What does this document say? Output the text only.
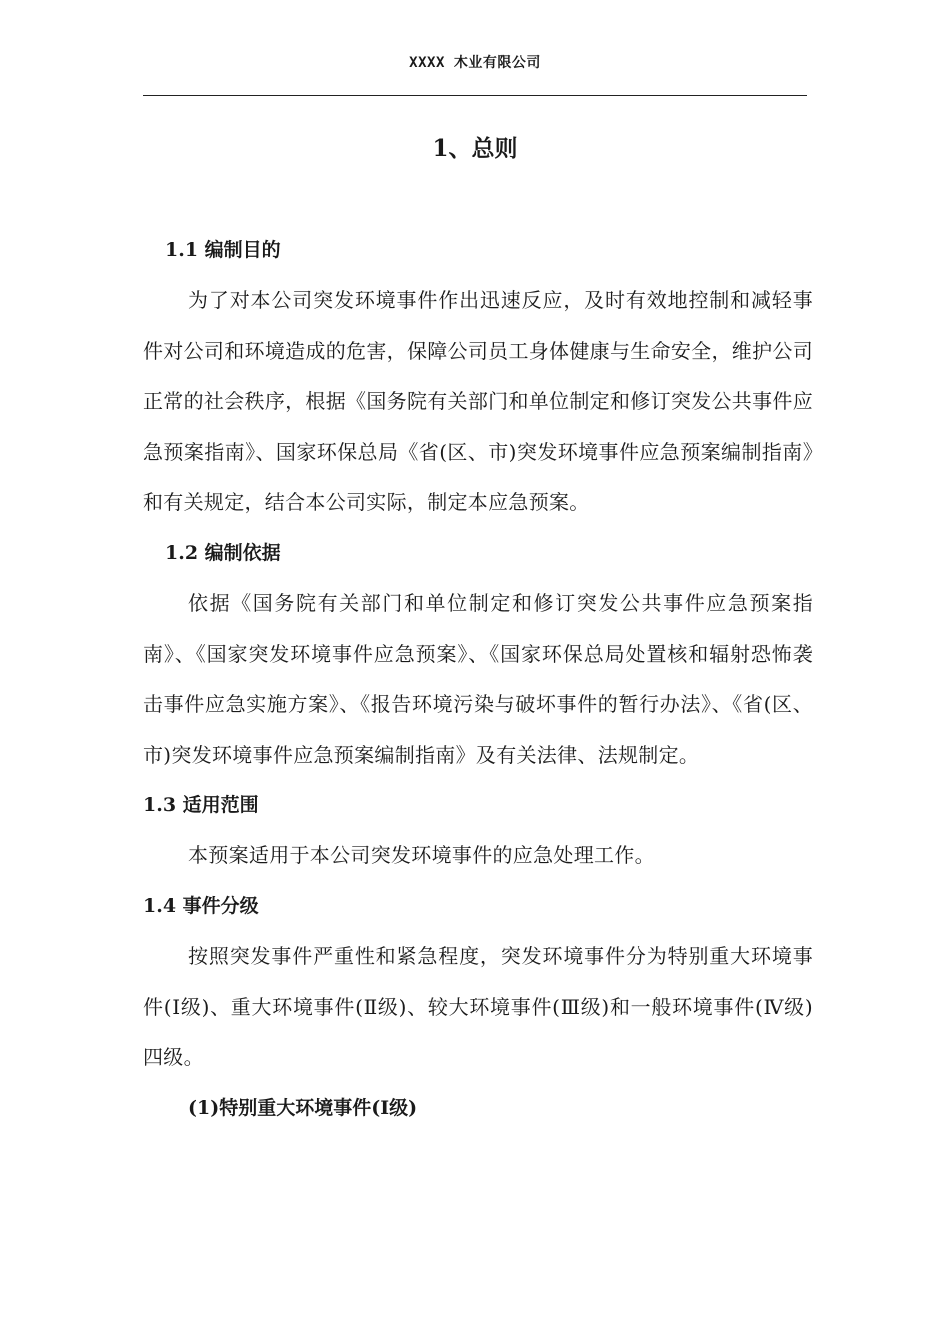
XXXX 木业有限公司
1、总则

1.1 编制目的

为了对本公司突发环境事件作出迅速反应，及时有效地控制和减轻事件对公司和环境造成的危害，保障公司员工身体健康与生命安全，维护公司正常的社会秩序，根据《国务院有关部门和单位制定和修订突发公共事件应急预案指南》、国家环保总局《省(区、市)突发环境事件应急预案编制指南》和有关规定，结合本公司实际，制定本应急预案。

1.2 编制依据

依据《国务院有关部门和单位制定和修订突发公共事件应急预案指南》、《国家突发环境事件应急预案》、《国家环保总局处置核和辐射恐怖袭击事件应急实施方案》、《报告环境污染与破坏事件的暂行办法》、《省(区、市)突发环境事件应急预案编制指南》及有关法律、法规制定。

1.3 适用范围

本预案适用于本公司突发环境事件的应急处理工作。

1.4 事件分级

按照突发事件严重性和紧急程度，突发环境事件分为特别重大环境事件(Ⅰ级)、重大环境事件(Ⅱ级)、较大环境事件(Ⅲ级)和一般环境事件(Ⅳ级)四级。

(1)特别重大环境事件(Ⅰ级)
